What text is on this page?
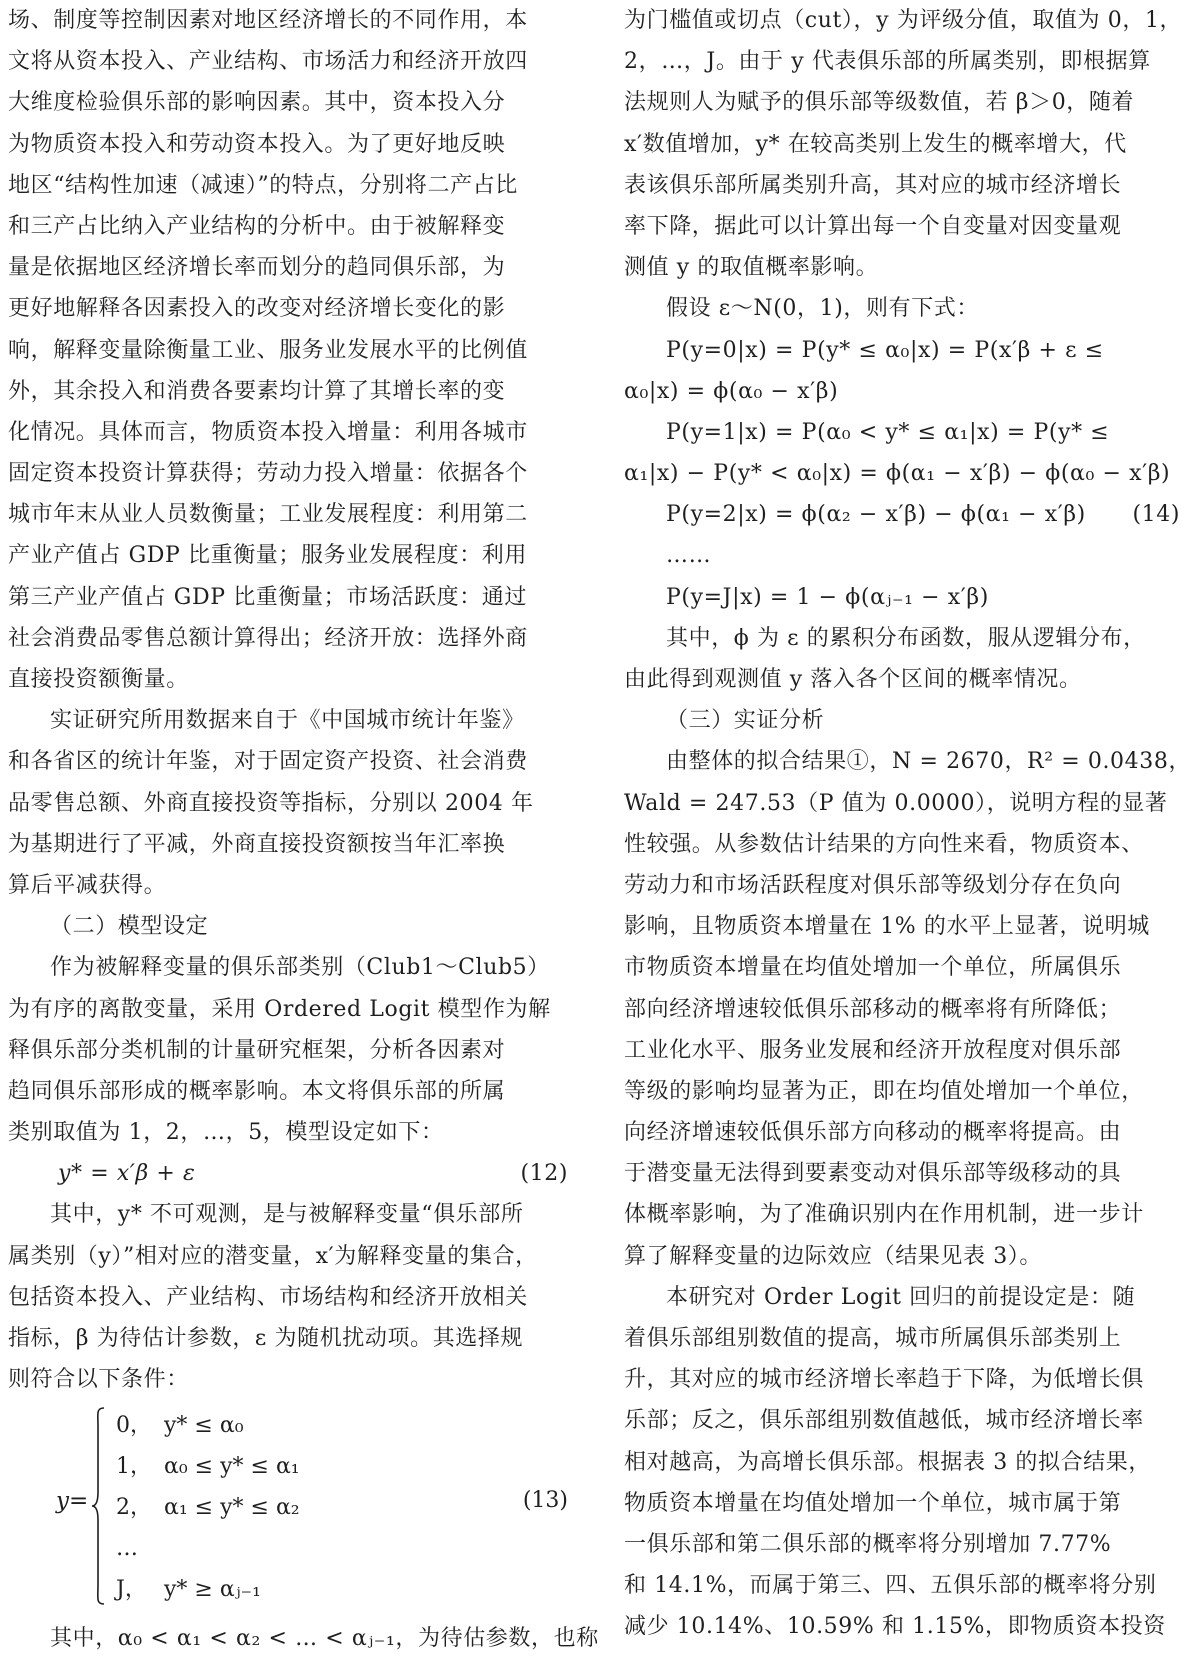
场、制度等控制因素对地区经济增长的不同作用，本
文将从资本投入、产业结构、市场活力和经济开放四
大维度检验俱乐部的影响因素。其中，资本投入分
为物质资本投入和劳动资本投入。为了更好地反映
地区“结构性加速（减速）”的特点，分别将二产占比
和三产占比纳入产业结构的分析中。由于被解释变
量是依据地区经济增长率而划分的趋同俱乐部，为
更好地解释各因素投入的改变对经济增长变化的影
响，解释变量除衡量工业、服务业发展水平的比例值
外，其余投入和消费各要素均计算了其增长率的变
化情况。具体而言，物质资本投入增量：利用各城市
固定资本投资计算获得；劳动力投入增量：依据各个
城市年末从业人员数衡量；工业发展程度：利用第二
产业产值占 GDP 比重衡量；服务业发展程度：利用
第三产业产值占 GDP 比重衡量；市场活跃度：通过
社会消费品零售总额计算得出；经济开放：选择外商
直接投资额衡量。
实证研究所用数据来自于《中国城市统计年鉴》
和各省区的统计年鉴，对于固定资产投资、社会消费
品零售总额、外商直接投资等指标，分别以 2004 年
为基期进行了平减，外商直接投资额按当年汇率换
算后平减获得。
（二）模型设定
作为被解释变量的俱乐部类别（Club1～Club5）
为有序的离散变量，采用 Ordered Logit 模型作为解
释俱乐部分类机制的计量研究框架，分析各因素对
趋同俱乐部形成的概率影响。本文将俱乐部的所属
类别取值为 1，2，…，5，模型设定如下：
y* = x′β + ε	(12)
其中，y* 不可观测，是与被解释变量“俱乐部所
属类别（y）”相对应的潜变量，x′为解释变量的集合，
包括资本投入、产业结构、市场结构和经济开放相关
指标，β 为待估计参数，ε 为随机扰动项。其选择规
则符合以下条件：
y=
0， y* ≤ α₀
1， α₀ ≤ y* ≤ α₁
2， α₁ ≤ y* ≤ α₂
…
J， y* ≥ αⱼ₋₁
(13)
其中，α₀ < α₁ < α₂ < … < αⱼ₋₁，为待估参数，也称
为门槛值或切点（cut），y 为评级分值，取值为 0，1，
2，…，J。由于 y 代表俱乐部的所属类别，即根据算
法规则人为赋予的俱乐部等级数值，若 β＞0，随着
x′数值增加，y* 在较高类别上发生的概率增大，代
表该俱乐部所属类别升高，其对应的城市经济增长
率下降，据此可以计算出每一个自变量对因变量观
测值 y 的取值概率影响。
假设 ε～N(0，1)，则有下式：
P(y=0|x) = P(y* ≤ α₀|x) = P(x′β + ε ≤
α₀|x) = ϕ(α₀ − x′β)
P(y=1|x) = P(α₀ < y* ≤ α₁|x) = P(y* ≤
α₁|x) − P(y* < α₀|x) = ϕ(α₁ − x′β) − ϕ(α₀ − x′β)
P(y=2|x) = ϕ(α₂ − x′β) − ϕ(α₁ − x′β) (14)
……
P(y=J|x) = 1 − ϕ(αⱼ₋₁ − x′β)
其中，ϕ 为 ε 的累积分布函数，服从逻辑分布，
由此得到观测值 y 落入各个区间的概率情况。
（三）实证分析
由整体的拟合结果①，N = 2670，R² = 0.0438，
Wald = 247.53（P 值为 0.0000），说明方程的显著
性较强。从参数估计结果的方向性来看，物质资本、
劳动力和市场活跃程度对俱乐部等级划分存在负向
影响，且物质资本增量在 1% 的水平上显著，说明城
市物质资本增量在均值处增加一个单位，所属俱乐
部向经济增速较低俱乐部移动的概率将有所降低；
工业化水平、服务业发展和经济开放程度对俱乐部
等级的影响均显著为正，即在均值处增加一个单位，
向经济增速较低俱乐部方向移动的概率将提高。由
于潜变量无法得到要素变动对俱乐部等级移动的具
体概率影响，为了准确识别内在作用机制，进一步计
算了解释变量的边际效应（结果见表 3）。
本研究对 Order Logit 回归的前提设定是：随
着俱乐部组别数值的提高，城市所属俱乐部类别上
升，其对应的城市经济增长率趋于下降，为低增长俱
乐部；反之，俱乐部组别数值越低，城市经济增长率
相对越高，为高增长俱乐部。根据表 3 的拟合结果，
物质资本增量在均值处增加一个单位，城市属于第
一俱乐部和第二俱乐部的概率将分别增加 7.77%
和 14.1%，而属于第三、四、五俱乐部的概率将分别
减少 10.14%、10.59% 和 1.15%，即物质资本投资
